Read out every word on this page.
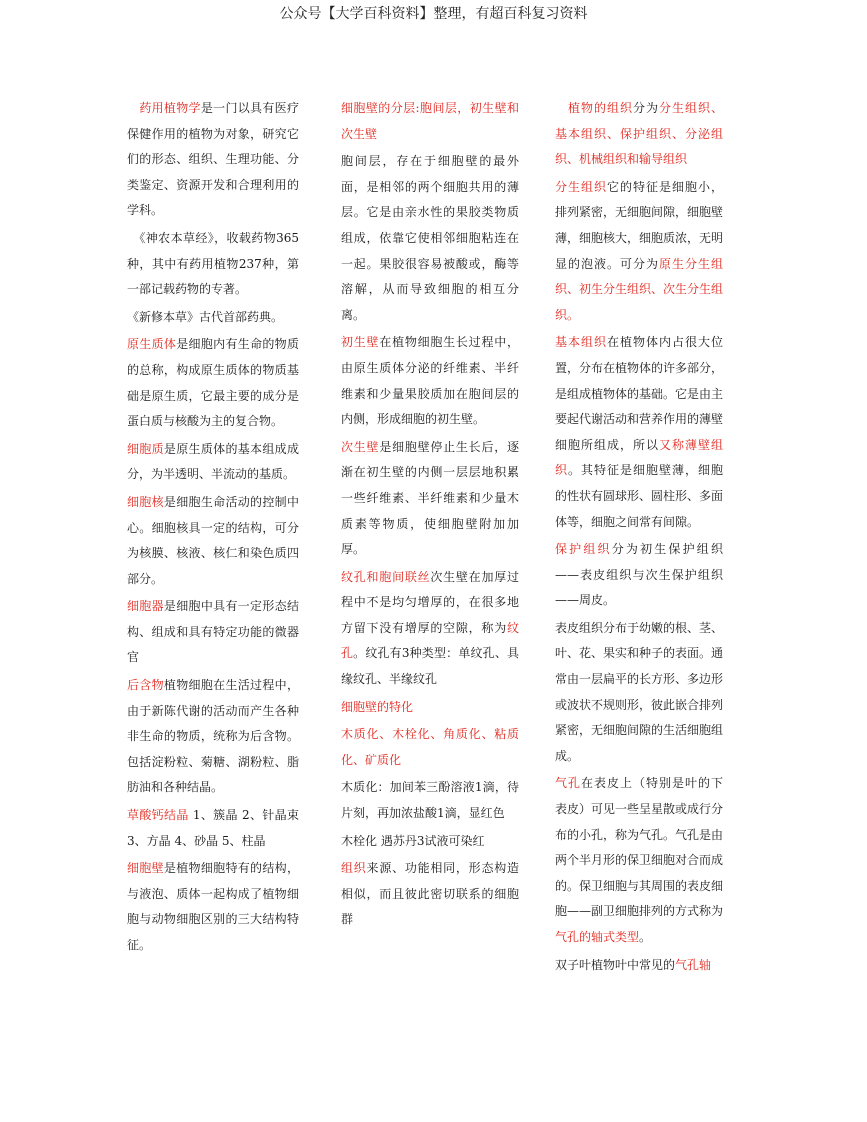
公众号【大学百科资料】整理，有超百科复习资料

　药用植物学是一门以具有医疗保健作用的植物为对象，研究它们的形态、组织、生理功能、分类鉴定、资源开发和合理利用的学科。

　《神农本草经》，收载药物365种，其中有药用植物237种，第一部记载药物的专著。

《新修本草》古代首部药典。

原生质体是细胞内有生命的物质的总称，构成原生质体的物质基础是原生质，它最主要的成分是蛋白质与核酸为主的复合物。

细胞质是原生质体的基本组成成分，为半透明、半流动的基质。

细胞核是细胞生命活动的控制中心。细胞核具一定的结构，可分为核膜、核液、核仁和染色质四部分。

细胞器是细胞中具有一定形态结构、组成和具有特定功能的微器官

后含物植物细胞在生活过程中，由于新陈代谢的活动而产生各种非生命的物质，统称为后含物。包括淀粉粒、菊糖、湖粉粒、脂肪油和各种结晶。

草酸钙结晶 1、簇晶 2、针晶束 3、方晶 4、砂晶 5、柱晶

细胞壁是植物细胞特有的结构，与液泡、质体一起构成了植物细胞与动物细胞区别的三大结构特征。

细胞壁的分层:胞间层，初生壁和次生壁

胞间层，存在于细胞壁的最外面，是相邻的两个细胞共用的薄层。它是由亲水性的果胶类物质组成，依靠它使相邻细胞粘连在一起。果胶很容易被酸或，酶等溶解，从而导致细胞的相互分离。

初生壁在植物细胞生长过程中，由原生质体分泌的纤维素、半纤维素和少量果胶质加在胞间层的内侧，形成细胞的初生壁。

次生壁是细胞壁停止生长后，逐渐在初生壁的内侧一层层地积累一些纤维素、半纤维素和少量木质素等物质，使细胞壁附加加厚。

纹孔和胞间联丝次生壁在加厚过程中不是均匀增厚的，在很多地方留下没有增厚的空隙，称为纹孔。纹孔有3种类型：单纹孔、具缘纹孔、半缘纹孔

细胞壁的特化

木质化、木栓化、角质化、粘质化、矿质化

木质化：加间苯三酚溶液1滴，待片刻，再加浓盐酸1滴，显红色

木栓化 遇苏丹3试液可染红

组织来源、功能相同，形态构造相似，而且彼此密切联系的细胞群

　植物的组织分为分生组织、基本组织、保护组织、分泌组织、机械组织和输导组织

分生组织它的特征是细胞小，排列紧密，无细胞间隙，细胞壁薄，细胞核大，细胞质浓，无明显的泡液。可分为原生分生组织、初生分生组织、次生分生组织。

基本组织在植物体内占很大位置，分布在植物体的许多部分，是组成植物体的基础。它是由主要起代谢活动和营养作用的薄壁细胞所组成，所以又称薄壁组织。其特征是细胞壁薄，细胞的性状有圆球形、圆柱形、多面体等，细胞之间常有间隙。

保护组织分为初生保护组织——表皮组织与次生保护组织——周皮。

表皮组织分布于幼嫩的根、茎、叶、花、果实和种子的表面。通常由一层扁平的长方形、多边形或波状不规则形，彼此嵌合排列紧密，无细胞间隙的生活细胞组成。

气孔在表皮上（特别是叶的下表皮）可见一些呈星散或成行分布的小孔，称为气孔。气孔是由两个半月形的保卫细胞对合而成的。保卫细胞与其周围的表皮细胞——副卫细胞排列的方式称为气孔的轴式类型。

双子叶植物叶中常见的气孔轴
